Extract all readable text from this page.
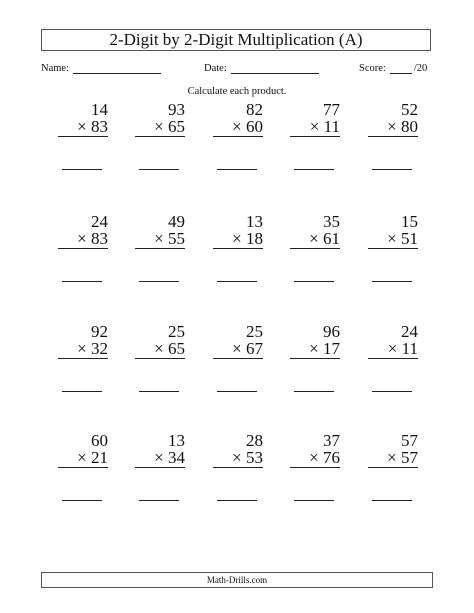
2-Digit by 2-Digit Multiplication (A)
Name:	Date:	Score:	/20
Calculate each product.
14
× 83
93
× 65
82
× 60
77
× 11
52
× 80
24
× 83
49
× 55
13
× 18
35
× 61
15
× 51
92
× 32
25
× 65
25
× 67
96
× 17
24
× 11
60
× 21
13
× 34
28
× 53
37
× 76
57
× 57
Math-Drills.com
